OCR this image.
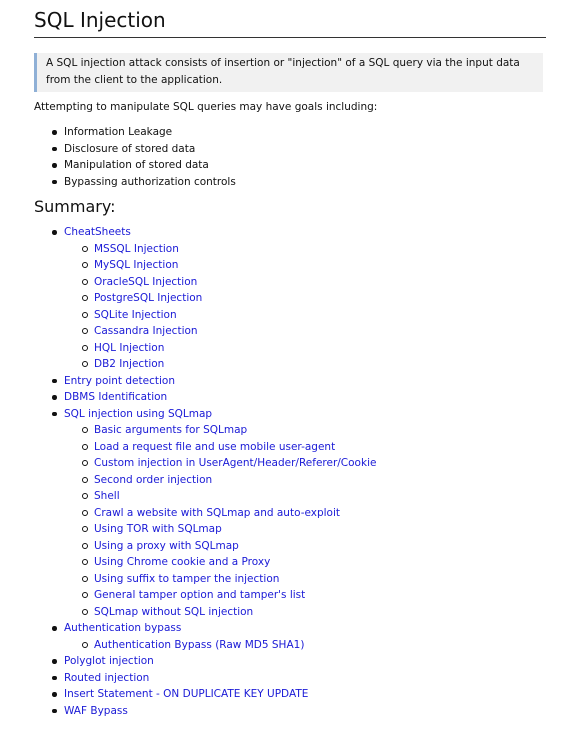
SQL Injection
A SQL injection attack consists of insertion or "injection" of a SQL query via the input data from the client to the application.
Attempting to manipulate SQL queries may have goals including:
Information Leakage
Disclosure of stored data
Manipulation of stored data
Bypassing authorization controls
Summary:
CheatSheets
MSSQL Injection
MySQL Injection
OracleSQL Injection
PostgreSQL Injection
SQLite Injection
Cassandra Injection
HQL Injection
DB2 Injection
Entry point detection
DBMS Identification
SQL injection using SQLmap
Basic arguments for SQLmap
Load a request file and use mobile user-agent
Custom injection in UserAgent/Header/Referer/Cookie
Second order injection
Shell
Crawl a website with SQLmap and auto-exploit
Using TOR with SQLmap
Using a proxy with SQLmap
Using Chrome cookie and a Proxy
Using suffix to tamper the injection
General tamper option and tamper's list
SQLmap without SQL injection
Authentication bypass
Authentication Bypass (Raw MD5 SHA1)
Polyglot injection
Routed injection
Insert Statement - ON DUPLICATE KEY UPDATE
WAF Bypass
